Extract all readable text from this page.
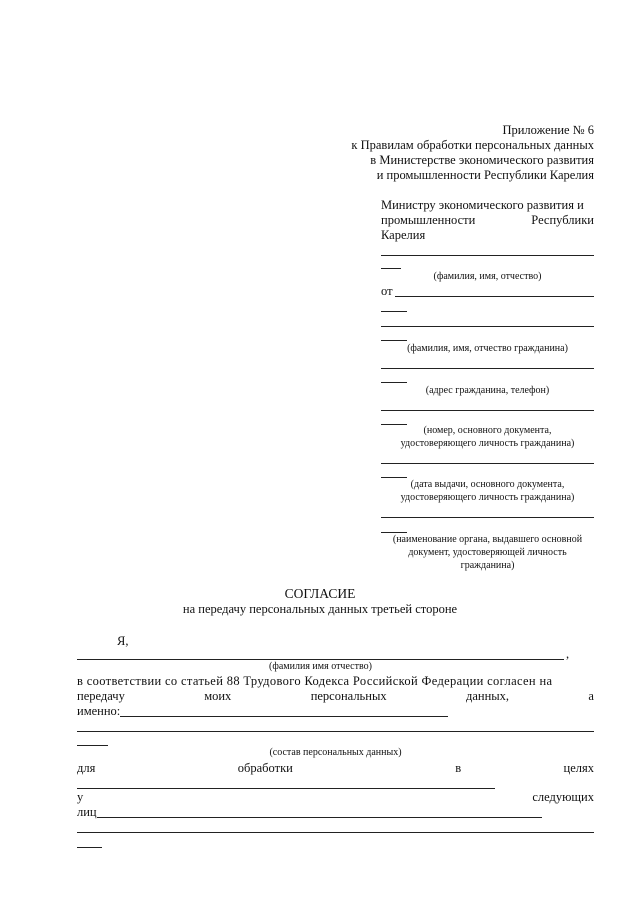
Приложение № 6
к Правилам обработки персональных данных
в Министерстве экономического развития
и промышленности Республики Карелия
Министру экономического развития и
промышленности	Республики
Карелия
(фамилия, имя, отчество)
от
(фамилия, имя, отчество гражданина)
(адрес гражданина, телефон)
(номер, основного документа,
удостоверяющего личность гражданина)
(дата выдачи, основного документа,
удостоверяющего личность гражданина)
(наименование органа, выдавшего основной
документ, удостоверяющей личность
гражданина)
СОГЛАСИЕ
на передачу персональных данных третьей стороне
Я,
,
(фамилия имя отчество)
в соответствии со статьей 88 Трудового Кодекса Российской Федерации согласен на
передачу	моих	персональных	данных,	а
именно:
(состав персональных данных)
для	обработки	в	целях
у	следующих
лиц
